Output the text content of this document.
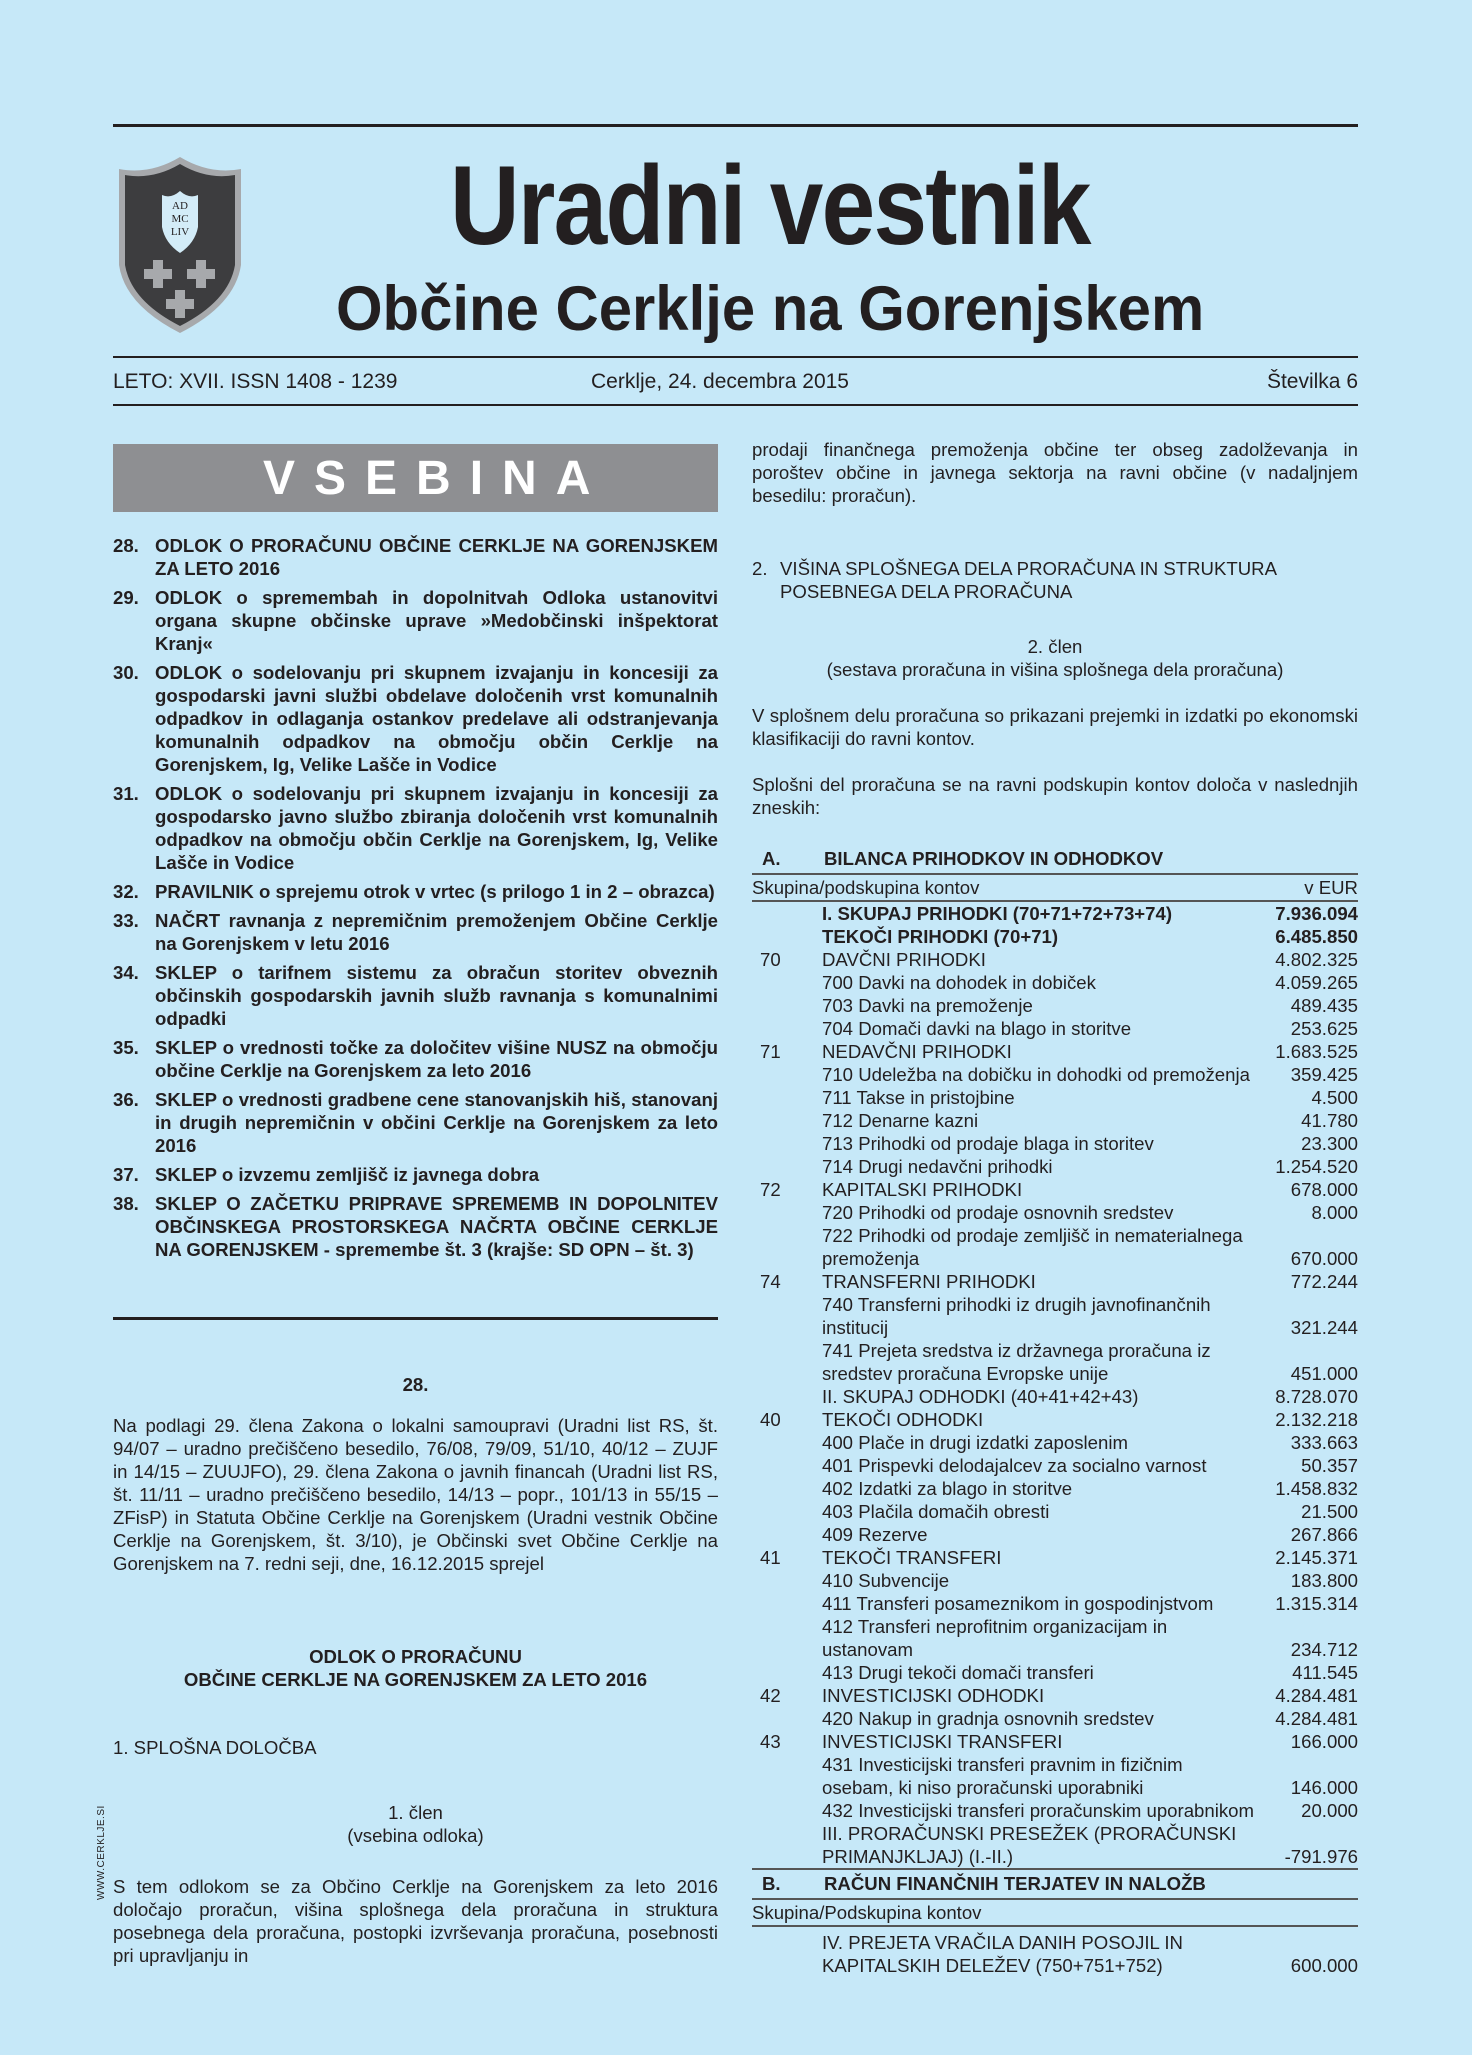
AD
MC
LIV Uradni vestnik
Občine Cerklje na Gorenjskem
LETO: XVII. ISSN 1408 - 1239	Cerklje, 24. decembra 2015	Številka 6
VSEBINA
28. ODLOK O PRORAČUNU OBČINE CERKLJE NA GORENJSKEM ZA LETO 2016
29. ODLOK o spremembah in dopolnitvah Odloka ustanovitvi organa skupne občinske uprave »Medobčinski inšpektorat Kranj«
30. ODLOK o sodelovanju pri skupnem izvajanju in koncesiji za gospodarski javni službi obdelave določenih vrst komunalnih odpadkov in odlaganja ostankov predelave ali odstranjevanja komunalnih odpadkov na območju občin Cerklje na Gorenjskem, Ig, Velike Lašče in Vodice
31. ODLOK o sodelovanju pri skupnem izvajanju in koncesiji za gospodarsko javno službo zbiranja določenih vrst komunalnih odpadkov na območju občin Cerklje na Gorenjskem, Ig, Velike Lašče in Vodice
32. PRAVILNIK o sprejemu otrok v vrtec (s prilogo 1 in 2 – obrazca)
33. NAČRT ravnanja z nepremičnim premoženjem Občine Cerklje na Gorenjskem v letu 2016
34. SKLEP o tarifnem sistemu za obračun storitev obveznih občinskih gospodarskih javnih služb ravnanja s komunalnimi odpadki
35. SKLEP o vrednosti točke za določitev višine NUSZ na območju občine Cerklje na Gorenjskem za leto 2016
36. SKLEP o vrednosti gradbene cene stanovanjskih hiš, stanovanj in drugih nepremičnin v občini Cerklje na Gorenjskem za leto 2016
37. SKLEP o izvzemu zemljišč iz javnega dobra
38. SKLEP O ZAČETKU PRIPRAVE SPREMEMB IN DOPOLNITEV OBČINSKEGA PROSTORSKEGA NAČRTA OBČINE CERKLJE NA GORENJSKEM - spremembe št. 3 (krajše: SD OPN – št. 3)
28.

Na podlagi 29. člena Zakona o lokalni samoupravi (Uradni list RS, št. 94/07 – uradno prečiščeno besedilo, 76/08, 79/09, 51/10, 40/12 – ZUJF in 14/15 – ZUUJFO), 29. člena Zakona o javnih financah (Uradni list RS, št. 11/11 – uradno prečiščeno besedilo, 14/13 – popr., 101/13 in 55/15 – ZFisP) in Statuta Občine Cerklje na Gorenjskem (Uradni vestnik Občine Cerklje na Gorenjskem, št. 3/10), je Občinski svet Občine Cerklje na Gorenjskem na 7. redni seji, dne, 16.12.2015 sprejel

ODLOK O PRORAČUNU
OBČINE CERKLJE NA GORENJSKEM ZA LETO 2016
1. SPLOŠNA DOLOČBA
1. člen
(vsebina odloka)

S tem odlokom se za Občino Cerklje na Gorenjskem za leto 2016 določajo proračun, višina splošnega dela proračuna in struktura posebnega dela proračuna, postopki izvrševanja proračuna, posebnosti pri upravljanju in

WWW.CERKLJE.SI

prodaji finančnega premoženja občine ter obseg zadolževanja in poroštev občine in javnega sektorja na ravni občine (v nadaljnjem besedilu: proračun).

2. VIŠINA SPLOŠNEGA DELA PRORAČUNA IN STRUKTURA POSEBNEGA DELA PRORAČUNA
2. člen
(sestava proračuna in višina splošnega dela proračuna)

V splošnem delu proračuna so prikazani prejemki in izdatki po ekonomski klasifikaciji do ravni kontov.

Splošni del proračuna se na ravni podskupin kontov določa v naslednjih zneskih:

A.	BILANCA PRIHODKOV IN ODHODKOV
Skupina/podskupina kontov	v EUR
	I. SKUPAJ PRIHODKI (70+71+72+73+74)	7.936.094
	TEKOČI PRIHODKI (70+71)	6.485.850
70	DAVČNI PRIHODKI	4.802.325
	700 Davki na dohodek in dobiček	4.059.265
	703 Davki na premoženje	489.435
	704 Domači davki na blago in storitve	253.625
71	NEDAVČNI PRIHODKI	1.683.525
	710 Udeležba na dobičku in dohodki od premoženja	359.425
	711 Takse in pristojbine	4.500
	712 Denarne kazni	41.780
	713 Prihodki od prodaje blaga in storitev	23.300
	714 Drugi nedavčni prihodki	1.254.520
72	KAPITALSKI PRIHODKI	678.000
	720 Prihodki od prodaje osnovnih sredstev	8.000
	722 Prihodki od prodaje zemljišč in nematerialnega premoženja	670.000
74	TRANSFERNI PRIHODKI	772.244
	740 Transferni prihodki iz drugih javnofinančnih institucij	321.244
	741 Prejeta sredstva iz državnega proračuna iz sredstev proračuna Evropske unije	451.000
	II. SKUPAJ ODHODKI (40+41+42+43)	8.728.070
40	TEKOČI ODHODKI	2.132.218
	400 Plače in drugi izdatki zaposlenim	333.663
	401 Prispevki delodajalcev za socialno varnost	50.357
	402 Izdatki za blago in storitve	1.458.832
	403 Plačila domačih obresti	21.500
	409 Rezerve	267.866
41	TEKOČI TRANSFERI	2.145.371
	410 Subvencije	183.800
	411 Transferi posameznikom in gospodinjstvom	1.315.314
	412 Transferi neprofitnim organizacijam in ustanovam	234.712
	413 Drugi tekoči domači transferi	411.545
42	INVESTICIJSKI ODHODKI	4.284.481
	420 Nakup in gradnja osnovnih sredstev	4.284.481
43	INVESTICIJSKI TRANSFERI	166.000
	431 Investicijski transferi pravnim in fizičnim osebam, ki niso proračunski uporabniki	146.000
	432 Investicijski transferi proračunskim uporabnikom	20.000
	III. PRORAČUNSKI PRESEŽEK (PRORAČUNSKI PRIMANJKLJAJ) (I.-II.)	-791.976
B.	RAČUN FINANČNIH TERJATEV IN NALOŽB
Skupina/Podskupina kontov
	IV. PREJETA VRAČILA DANIH POSOJIL IN KAPITALSKIH DELEŽEV (750+751+752)	600.000
